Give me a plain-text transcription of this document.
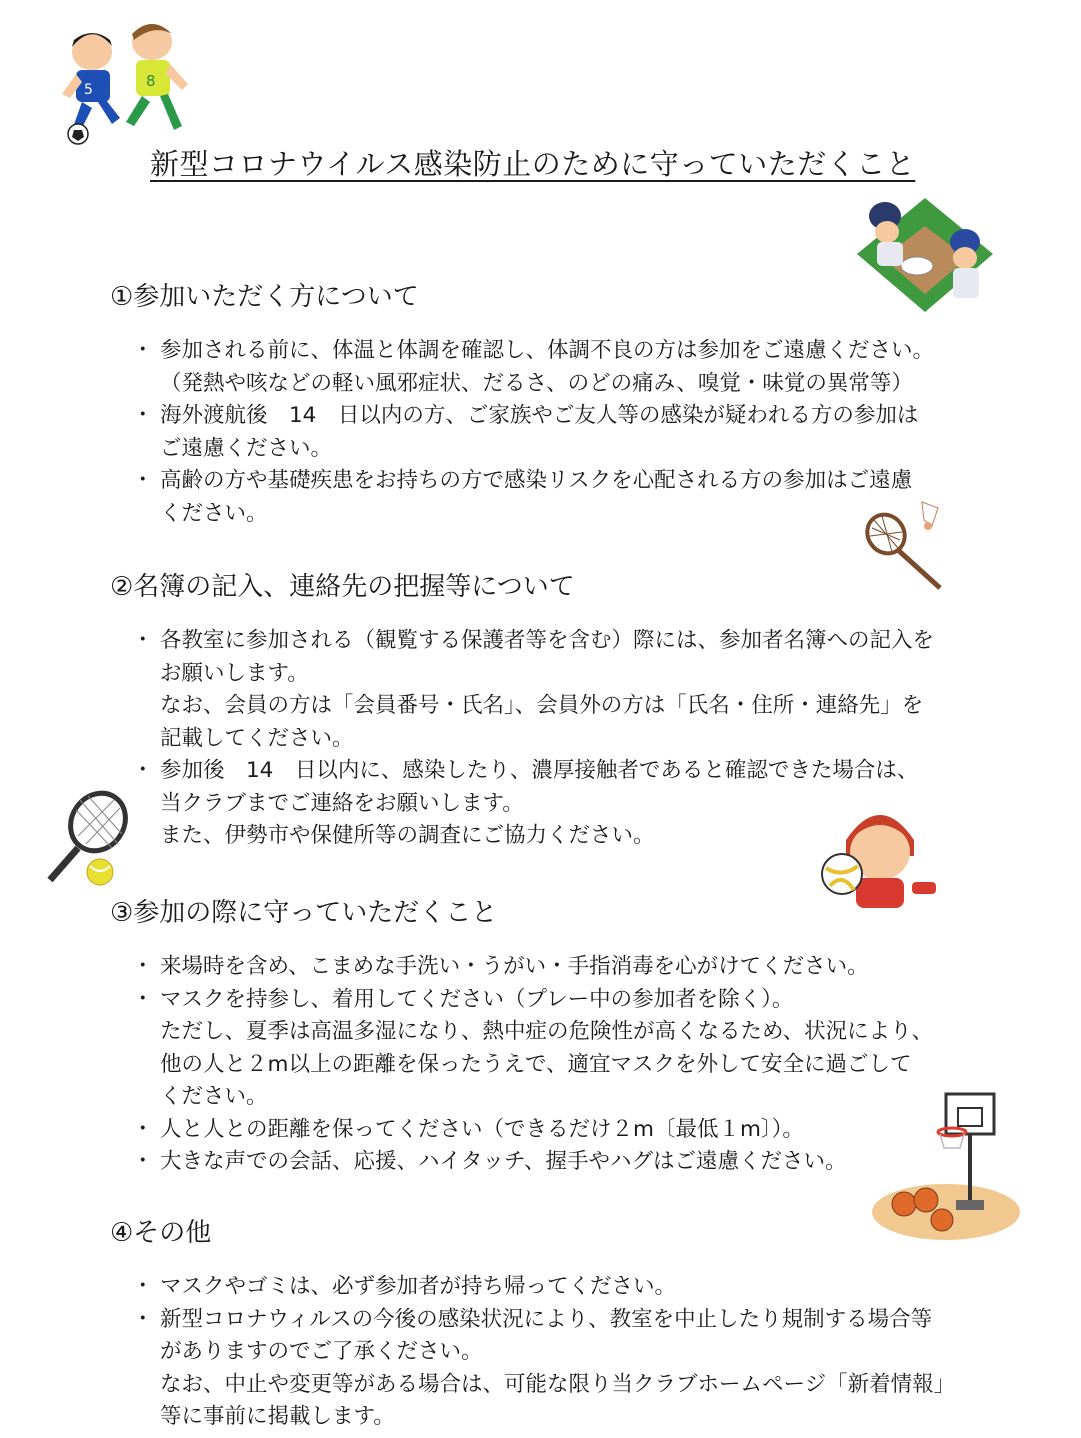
5	8
新型コロナウイルス感染防止のために守っていただくこと
①参加いただく方について
・ 参加される前に、体温と体調を確認し、体調不良の方は参加をご遠慮ください。
（発熱や咳などの軽い風邪症状、だるさ、のどの痛み、嗅覚・味覚の異常等）
・ 海外渡航後　14　日以内の方、ご家族やご友人等の感染が疑われる方の参加は
ご遠慮ください。
・ 高齢の方や基礎疾患をお持ちの方で感染リスクを心配される方の参加はご遠慮
ください。
②名簿の記入、連絡先の把握等について
・ 各教室に参加される（観覧する保護者等を含む）際には、参加者名簿への記入を
お願いします。
なお、会員の方は「会員番号・氏名」、会員外の方は「氏名・住所・連絡先」を
記載してください。
・ 参加後　14　日以内に、感染したり、濃厚接触者であると確認できた場合は、
当クラブまでご連絡をお願いします。
また、伊勢市や保健所等の調査にご協力ください。
③参加の際に守っていただくこと
・ 来場時を含め、こまめな手洗い・うがい・手指消毒を心がけてください。
・ マスクを持参し、着用してください（プレー中の参加者を除く）。
ただし、夏季は高温多湿になり、熱中症の危険性が高くなるため、状況により、
他の人と２m以上の距離を保ったうえで、適宜マスクを外して安全に過ごして
ください。
・ 人と人との距離を保ってください（できるだけ２m〔最低１m〕）。
・ 大きな声での会話、応援、ハイタッチ、握手やハグはご遠慮ください。
④その他
・ マスクやゴミは、必ず参加者が持ち帰ってください。
・ 新型コロナウィルスの今後の感染状況により、教室を中止したり規制する場合等
がありますのでご了承ください。
なお、中止や変更等がある場合は、可能な限り当クラブホームページ「新着情報」
等に事前に掲載します。
